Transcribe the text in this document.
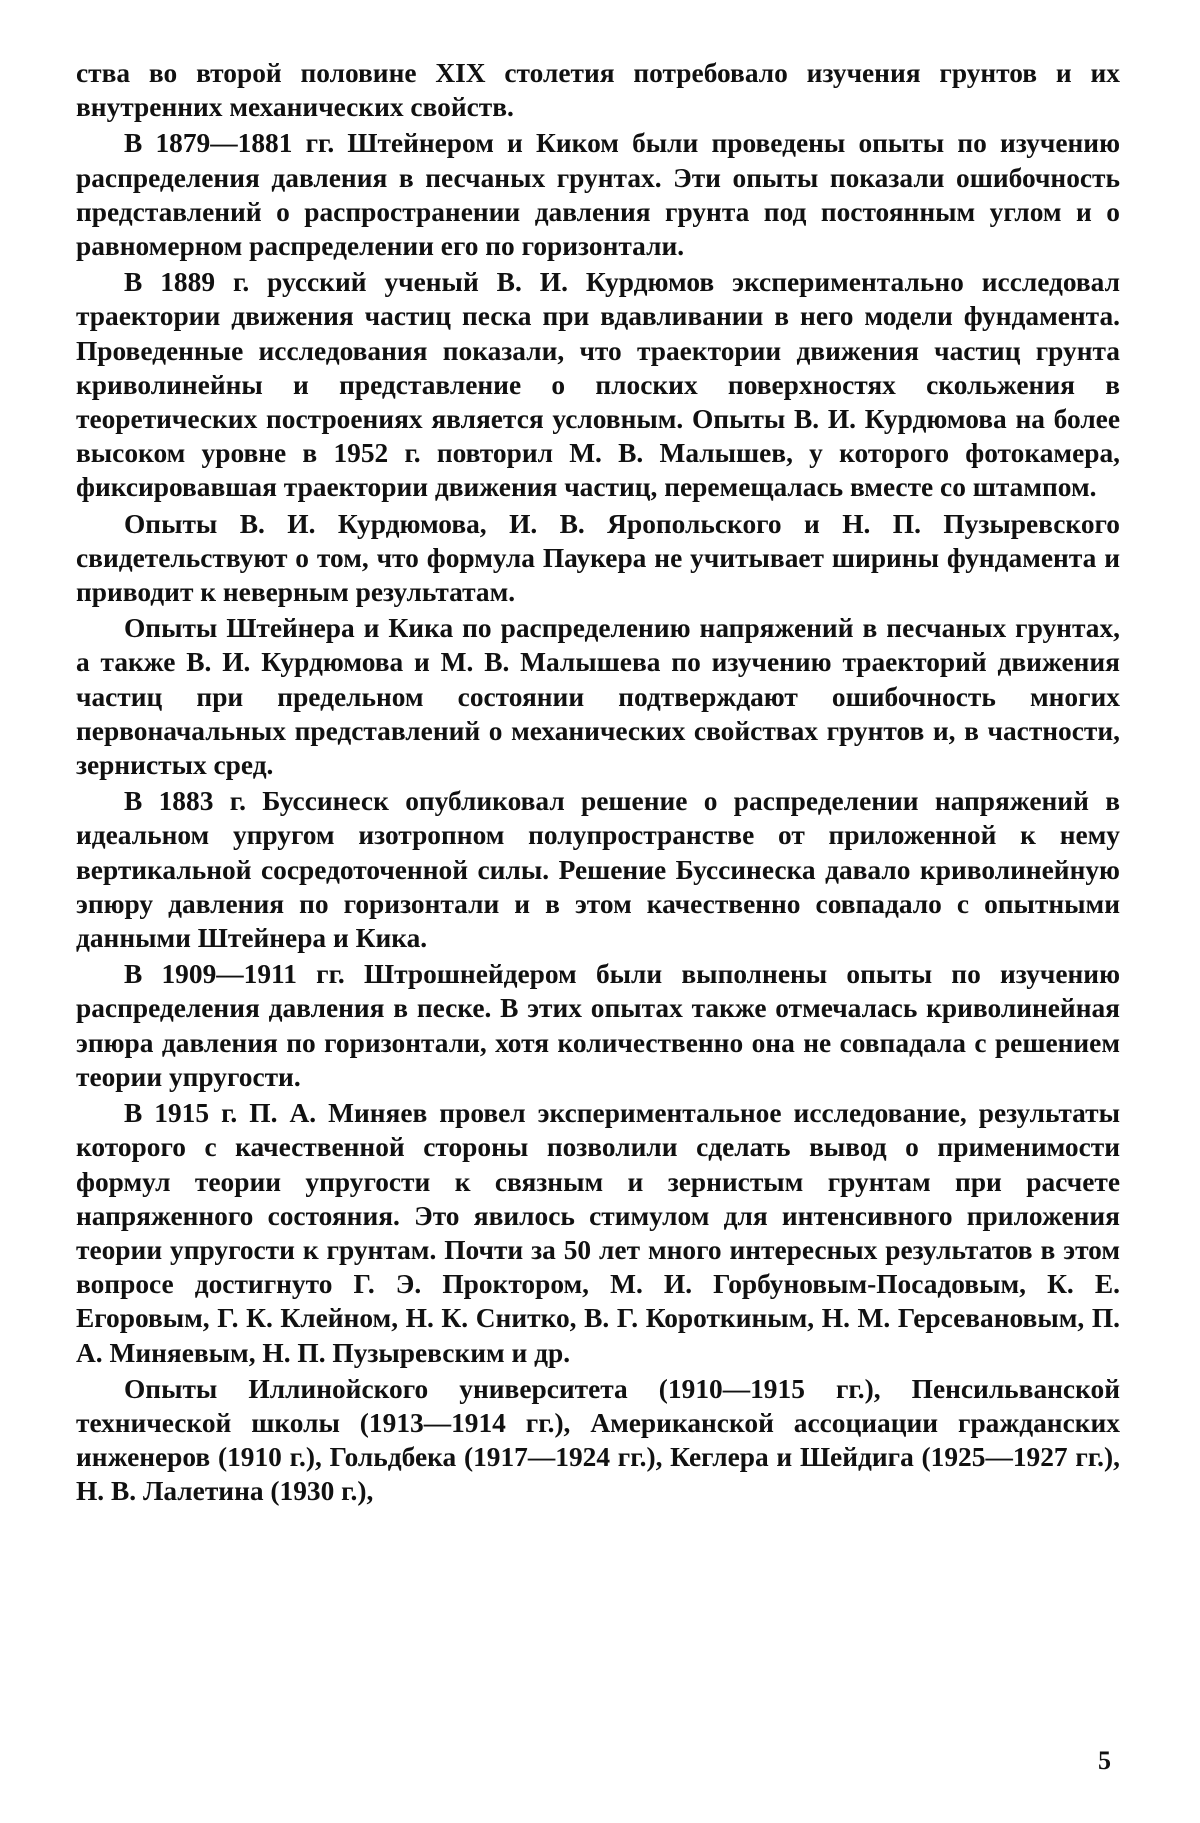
ства во второй половине XIX столетия потребовало изучения грунтов и их внутренних механических свойств.

В 1879—1881 гг. Штейнером и Киком были проведены опыты по изучению распределения давления в песчаных грунтах. Эти опыты показали ошибочность представлений о распространении давления грунта под постоянным углом и о равномерном распределении его по горизонтали.

В 1889 г. русский ученый В. И. Курдюмов экспериментально исследовал траектории движения частиц песка при вдавливании в него модели фундамента. Проведенные исследования показали, что траектории движения частиц грунта криволинейны и представление о плоских поверхностях скольжения в теоретических построениях является условным. Опыты В. И. Курдюмова на более высоком уровне в 1952 г. повторил М. В. Малышев, у которого фотокамера, фиксировавшая траектории движения частиц, перемещалась вместе со штампом.

Опыты В. И. Курдюмова, И. В. Яропольского и Н. П. Пузыревского свидетельствуют о том, что формула Паукера не учитывает ширины фундамента и приводит к неверным результатам.

Опыты Штейнера и Кика по распределению напряжений в песчаных грунтах, а также В. И. Курдюмова и М. В. Малышева по изучению траекторий движения частиц при предельном состоянии подтверждают ошибочность многих первоначальных представлений о механических свойствах грунтов и, в частности, зернистых сред.

В 1883 г. Буссинеск опубликовал решение о распределении напряжений в идеальном упругом изотропном полупространстве от приложенной к нему вертикальной сосредоточенной силы. Решение Буссинеска давало криволинейную эпюру давления по горизонтали и в этом качественно совпадало с опытными данными Штейнера и Кика.

В 1909—1911 гг. Штрошнейдером были выполнены опыты по изучению распределения давления в песке. В этих опытах также отмечалась криволинейная эпюра давления по горизонтали, хотя количественно она не совпадала с решением теории упругости.

В 1915 г. П. А. Миняев провел экспериментальное исследование, результаты которого с качественной стороны позволили сделать вывод о применимости формул теории упругости к связным и зернистым грунтам при расчете напряженного состояния. Это явилось стимулом для интенсивного приложения теории упругости к грунтам. Почти за 50 лет много интересных результатов в этом вопросе достигнуто Г. Э. Проктором, М. И. Горбуновым-Посадовым, К. Е. Егоровым, Г. К. Клейном, Н. К. Снитко, В. Г. Короткиным, Н. М. Герсевановым, П. А. Миняевым, Н. П. Пузыревским и др.

Опыты Иллинойского университета (1910—1915 гг.), Пенсильванской технической школы (1913—1914 гг.), Американской ассоциации гражданских инженеров (1910 г.), Гольдбека (1917—1924 гг.), Кеглера и Шейдига (1925—1927 гг.), Н. В. Лалетина (1930 г.),

5
